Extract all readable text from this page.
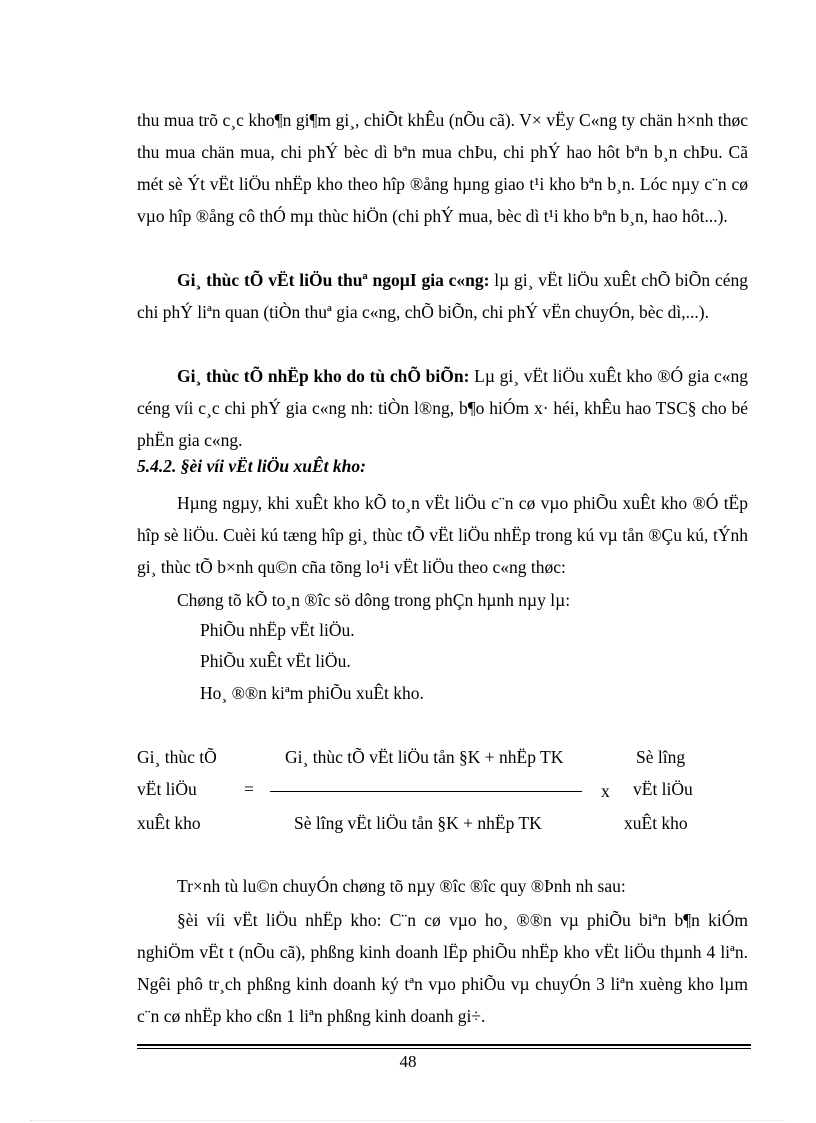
thu mua trõ c¸c kho¶n gi¶m gi¸, chiÕt khÊu (nÕu cã). V× vËy C«ng ty chän h×nh thøc thu mua chän mua, chi phÝ bèc dì bªn mua chÞu, chi phÝ hao hôt bªn b¸n chÞu. Cã mét sè Ýt vËt liÖu nhËp kho theo hîp ®ång hµng giao t¹i kho bªn b¸n. Lóc nµy c¨n cø vµo hîp ®ång cô thÓ mµ thùc hiÖn (chi phÝ mua, bèc dì t¹i kho bªn b¸n, hao hôt...).

Gi¸ thùc tÕ vËt liÖu thuª ngoµI gia c«ng: lµ gi¸ vËt liÖu xuÊt chÕ biÕn céng chi phÝ liªn quan (tiÒn thuª gia c«ng, chÕ biÕn, chi phÝ vËn chuyÓn, bèc dì,...).

Gi¸ thùc tÕ nhËp kho do tù chÕ biÕn: Lµ gi¸ vËt liÖu xuÊt kho ®Ó gia c«ng céng víi c¸c chi phÝ gia c«ng nh: tiÒn l®ng, b¶o hiÓm x· héi, khÊu hao TSC§ cho bé phËn gia c«ng.

5.4.2. §èi víi vËt liÖu xuÊt kho:

Hµng ngµy, khi xuÊt kho kÕ to¸n vËt liÖu c¨n cø vµo phiÕu xuÊt kho ®Ó tËp hîp sè liÖu. Cuèi kú tæng hîp gi¸ thùc tÕ vËt liÖu nhËp trong kú vµ tån ®Çu kú, tÝnh gi¸ thùc tÕ b×nh qu©n cña tõng lo¹i vËt liÖu theo c«ng thøc:

Chøng tõ kÕ to¸n ®îc sö dông trong phÇn hµnh nµy lµ:
PhiÕu nhËp vËt liÖu.
PhiÕu xuÊt vËt liÖu.
Ho¸ ®®n kiªm phiÕu xuÊt kho.
Gi¸ thùc tÕ
vËt liÖu
xuÊt kho
=
Gi¸ thùc tÕ vËt liÖu tån §K + nhËp TK
Sè lîng vËt liÖu tån §K + nhËp TK
x
Sè lîng
vËt liÖu
xuÊt kho
Tr×nh tù lu©n chuyÓn chøng tõ nµy ®îc ®îc quy ®Þnh nh sau:

§èi víi vËt liÖu nhËp kho: C¨n cø vµo ho¸ ®®n vµ phiÕu biªn b¶n kiÓm nghiÖm vËt t (nÕu cã), phßng kinh doanh lËp phiÕu nhËp kho vËt liÖu thµnh 4 liªn. Ngêi phô tr¸ch phßng kinh doanh ký tªn vµo phiÕu vµ chuyÓn 3 liªn xuèng kho lµm c¨n cø nhËp kho cßn 1 liªn phßng kinh doanh gi÷.

48
